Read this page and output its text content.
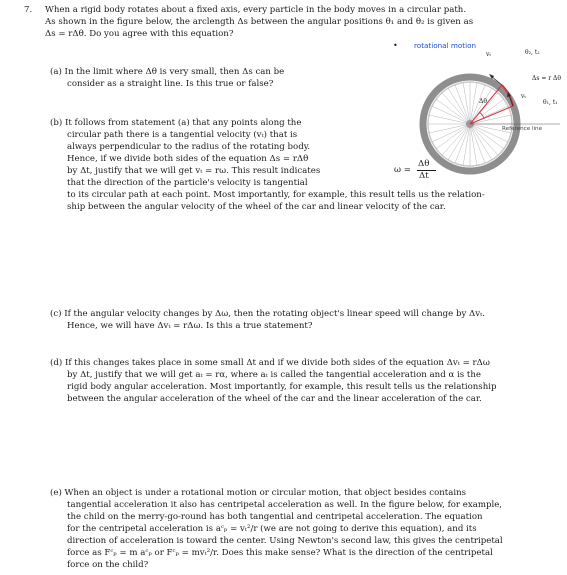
7. When a rigid body rotates about a fixed axis, every particle in the body moves in a circular path.
As shown in the figure below, the arclength Δs between the angular positions θ₁ and θ₂ is given as
Δs = rΔθ. Do you agree with this equation?
• rotational motion
θ₂, t₂
vₜ
Δs = r Δθ
vₜ
θ₁, t₁
Δθ
Reference line
(a) In the limit where Δθ is very small, then Δs can be
consider as a straight line. Is this true or false?
(b) It follows from statement (a) that any points along the
circular path there is a tangential velocity (vₜ) that is
always perpendicular to the radius of the rotating body.
Hence, if we divide both sides of the equation Δs = rΔθ
by Δt, justify that we will get vₜ = rω. This result indicates
that the direction of the particle's velocity is tangential
to its circular path at each point. Most importantly, for example, this result tells us the relation-
ship between the angular velocity of the wheel of the car and linear velocity of the car.
ω =
Δθ
Δt
(c) If the angular velocity changes by Δω, then the rotating object's linear speed will change by Δvₜ.
Hence, we will have Δvₜ = rΔω. Is this a true statement?
(d) If this changes takes place in some small Δt and if we divide both sides of the equation Δvₜ = rΔω
by Δt, justify that we will get aₜ = rα, where aₜ is called the tangential acceleration and α is the
rigid body angular acceleration. Most importantly, for example, this result tells us the relationship
between the angular acceleration of the wheel of the car and the linear acceleration of the car.
(e) When an object is under a rotational motion or circular motion, that object besides contains
tangential acceleration it also has centripetal acceleration as well. In the figure below, for example,
the child on the merry-go-round has both tangential and centripetal acceleration. The equation
for the centripetal acceleration is aᶜₚ = vₜ²/r (we are not going to derive this equation), and its
direction of acceleration is toward the center. Using Newton's second law, this gives the centripetal
force as Fᶜₚ = m aᶜₚ or Fᶜₚ = mvₜ²/r. Does this make sense? What is the direction of the centripetal
force on the child?
